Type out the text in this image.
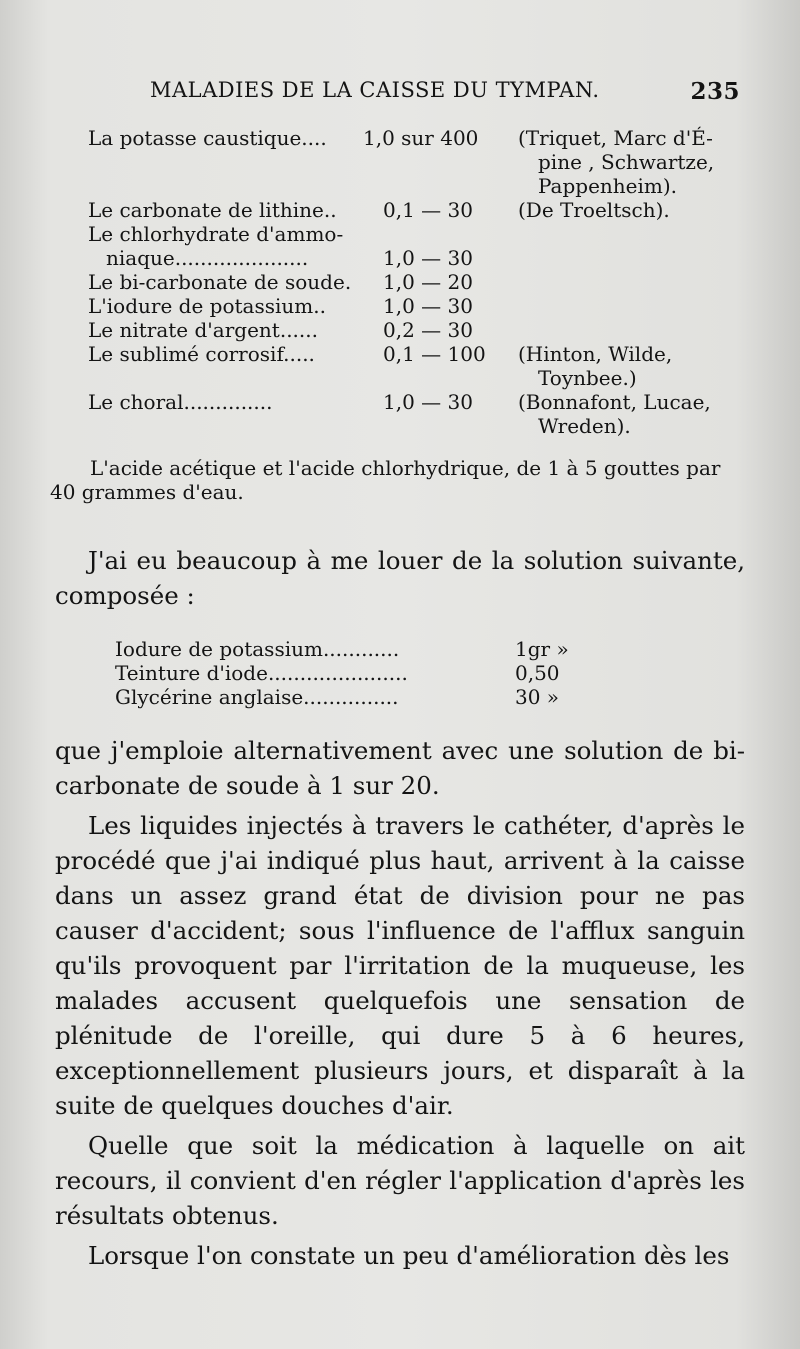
MALADIES DE LA CAISSE DU TYMPAN.	235
La potasse caustique.... 1,0 sur 400 (Triquet, Marc d'É-
pine , Schwartze,
Pappenheim).
Le carbonate de lithine.. 0,1 — 30 (De Troeltsch).
Le chlorhydrate d'ammo-
niaque.....................	1,0 — 30
Le bi-carbonate de soude. 1,0 — 20
L'iodure de potassium..	1,0 — 30
Le nitrate d'argent......	0,2 — 30
Le sublimé corrosif.....	0,1 — 100 (Hinton, Wilde,
Toynbee.)
Le choral..............	1,0 — 30 (Bonnafont, Lucae,
Wreden).
L'acide acétique et l'acide chlorhydrique, de 1 à 5 gouttes par
40 grammes d'eau.

J'ai eu beaucoup à me louer de la solution suivante, composée :

Iodure de potassium............	1gr »
Teinture d'iode......................	0,50
Glycérine anglaise...............	30 »

que j'emploie alternativement avec une solution de bi-carbonate de soude à 1 sur 20.

Les liquides injectés à travers le cathéter, d'après le procédé que j'ai indiqué plus haut, arrivent à la caisse dans un assez grand état de division pour ne pas causer d'accident; sous l'influence de l'afflux sanguin qu'ils provoquent par l'irritation de la muqueuse, les malades accusent quelquefois une sensation de plénitude de l'oreille, qui dure 5 à 6 heures, exceptionnellement plusieurs jours, et disparaît à la suite de quelques douches d'air.

Quelle que soit la médication à laquelle on ait recours, il convient d'en régler l'application d'après les résultats obtenus.

Lorsque l'on constate un peu d'amélioration dès les
